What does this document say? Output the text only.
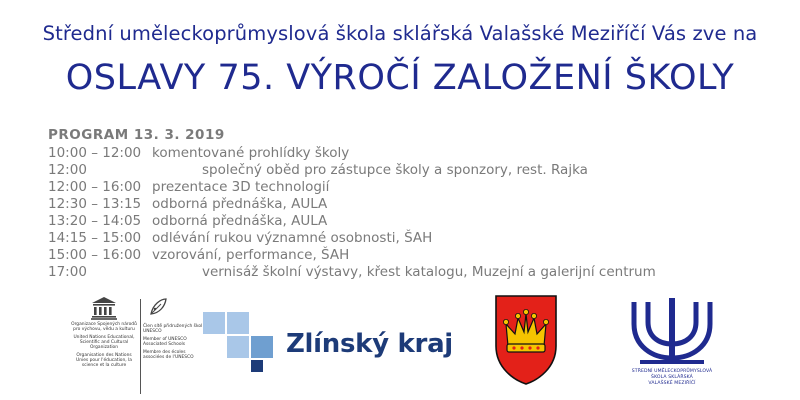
Střední uměleckoprůmyslová škola sklářská Valašské Meziříčí Vás zve na
OSLAVY 75. VÝROČÍ ZALOŽENÍ ŠKOLY
PROGRAM 13. 3. 2019
10:00 – 12:00 komentované prohlídky školy
12:00	společný oběd pro zástupce školy a sponzory, rest. Rajka
12:00 – 16:00 prezentace 3D technologií
12:30 – 13:15 odborná přednáška, AULA
13:20 – 14:05 odborná přednáška, AULA
14:15 – 15:00 odlévání rukou významné osobnosti, ŠAH
15:00 – 16:00 vzorování, performance, ŠAH
17:00	vernisáž školní výstavy, křest katalogu, Muzejní a galerijní centrum

Organizace Spojených národů pro výchovu, vědu a kulturu

United Nations Educational, Scientific and Cultural Organization

Organisation des Nations Unies pour l'éducation, la science et la culture

Člen sítě přidružených škol UNESCO

Member of UNESCO Associated Schools

Membre des écoles associées de l'UNESCO	Zlínský kraj
STŘEDNÍ UMĚLECKOPRŮMYSLOVÁ
ŠKOLA SKLÁŘSKÁ
VALAŠSKÉ MEZIŘÍČÍ
